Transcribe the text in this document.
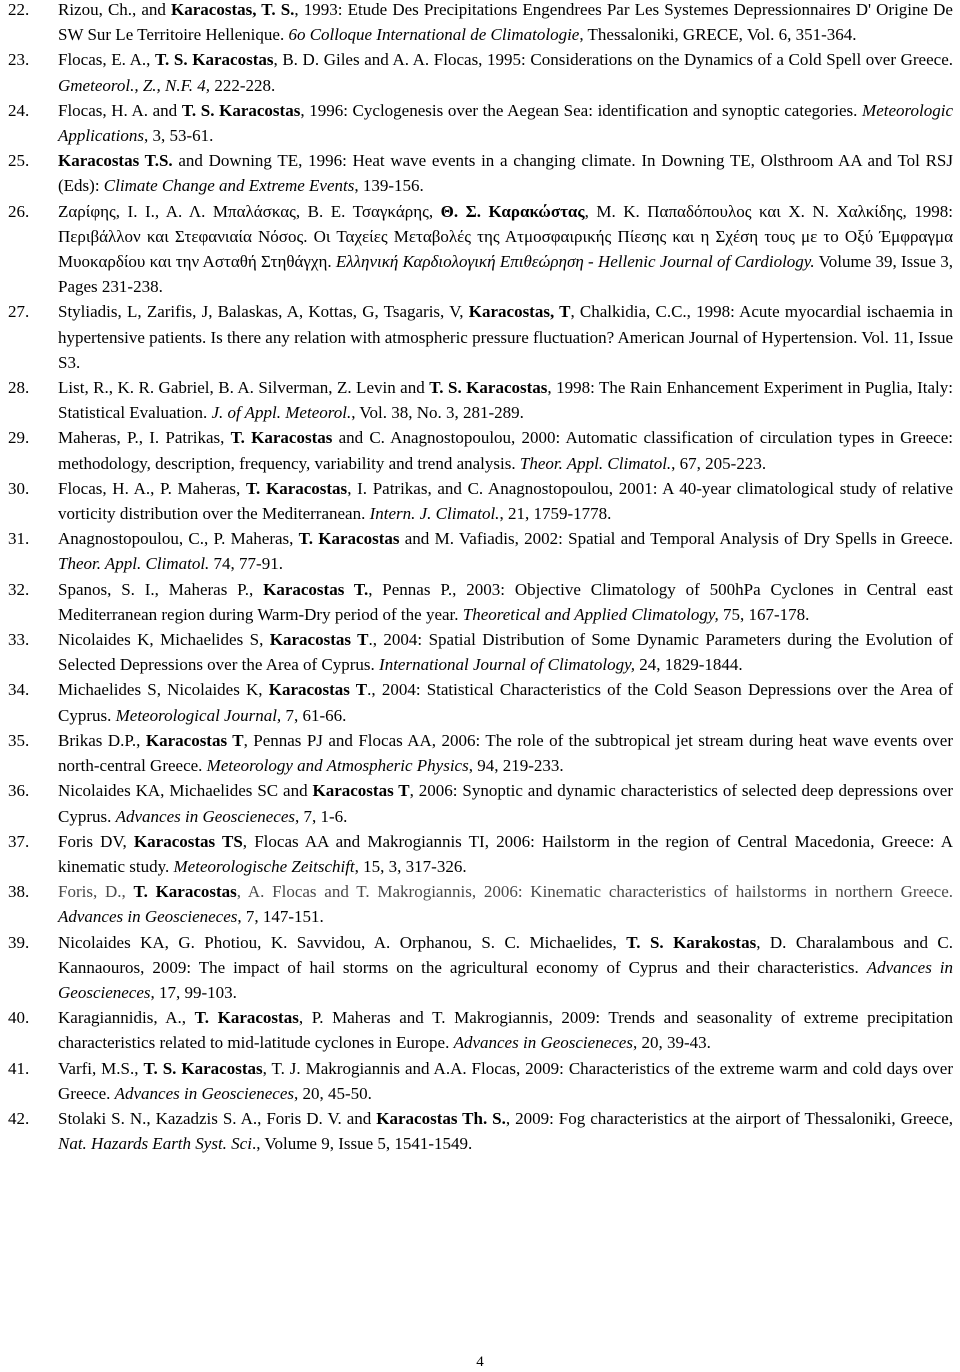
22.	Rizou, Ch., and Karacostas, T. S., 1993: Etude Des Precipitations Engendrees Par Les Systemes Depressionnaires D' Origine De SW Sur Le Territoire Hellenique. 6o Colloque International de Climatologie, Thessaloniki, GRECE, Vol. 6, 351-364.
23.	Flocas, E. A., T. S. Karacostas, B. D. Giles and A. A. Flocas, 1995: Considerations on the Dynamics of a Cold Spell over Greece. Gmeteorol., Z., N.F. 4, 222-228.
24.	Flocas, H. A. and T. S. Karacostas, 1996: Cyclogenesis over the Aegean Sea: identification and synoptic categories. Meteorologic Applications, 3, 53-61.
25.	Karacostas T.S. and Downing TE, 1996: Heat wave events in a changing climate. In Downing TE, Olsthroom AA and Tol RSJ (Eds): Climate Change and Extreme Events, 139-156.
26.	Ζαρίφης, Ι. Ι., Α. Λ. Μπαλάσκας, Β. Ε. Τσαγκάρης, Θ. Σ. Καρακώστας, Μ. Κ. Παπαδόπουλος και Χ. Ν. Χαλκίδης, 1998: Περιβάλλον και Στεφανιαία Νόσος. Οι Ταχείες Μεταβολές της Ατμοσφαιρικής Πίεσης και η Σχέση τους με το Οξύ Έμφραγμα Μυοκαρδίου και την Ασταθή Στηθάγχη. Ελληνική Καρδιολογική Επιθεώρηση - Hellenic Journal of Cardiology. Volume 39, Issue 3, Pages 231-238.
27.	Styliadis, L, Zarifis, J, Balaskas, A, Kottas, G, Tsagaris, V, Karacostas, T, Chalkidia, C.C., 1998: Acute myocardial ischaemia in hypertensive patients. Is there any relation with atmospheric pressure fluctuation? American Journal of Hypertension. Vol. 11, Issue S3.
28.	List, R., K. R. Gabriel, B. A. Silverman, Z. Levin and T. S. Karacostas, 1998: The Rain Enhancement Experiment in Puglia, Italy: Statistical Evaluation. J. of Appl. Meteorol., Vol. 38, No. 3, 281-289.
29.	Maheras, P., I. Patrikas, T. Karacostas and C. Anagnostopoulou, 2000: Automatic classification of circulation types in Greece: methodology, description, frequency, variability and trend analysis. Theor. Appl. Climatol., 67, 205-223.
30.	Flocas, H. A., P. Maheras, T. Karacostas, I. Patrikas, and C. Anagnostopoulou, 2001: A 40-year climatological study of relative vorticity distribution over the Mediterranean. Intern. J. Climatol., 21, 1759-1778.
31.	Anagnostopoulou, C., P. Maheras, T. Karacostas and M. Vafiadis, 2002: Spatial and Temporal Analysis of Dry Spells in Greece. Theor. Appl. Climatol. 74, 77-91.
32.	Spanos, S. I., Maheras P., Karacostas T., Pennas P., 2003: Objective Climatology of 500hPa Cyclones in Central east Mediterranean region during Warm-Dry period of the year. Theoretical and Applied Climatology, 75, 167-178.
33.	Nicolaides K, Michaelides S, Karacostas T., 2004: Spatial Distribution of Some Dynamic Parameters during the Evolution of Selected Depressions over the Area of Cyprus. International Journal of Climatology, 24, 1829-1844.
34.	Michaelides S, Nicolaides K, Karacostas T., 2004: Statistical Characteristics of the Cold Season Depressions over the Area of Cyprus. Meteorological Journal, 7, 61-66.
35.	Brikas D.P., Karacostas T, Pennas PJ and Flocas AA, 2006: The role of the subtropical jet stream during heat wave events over north-central Greece. Meteorology and Atmospheric Physics, 94, 219-233.
36.	Nicolaides KA, Michaelides SC and Karacostas T, 2006: Synoptic and dynamic characteristics of selected deep depressions over Cyprus. Advances in Geoscieneces, 7, 1-6.
37.	Foris DV, Karacostas TS, Flocas AA and Makrogiannis TI, 2006: Hailstorm in the region of Central Macedonia, Greece: A kinematic study. Meteorologische Zeitschift, 15, 3, 317-326.
38.	Foris, D., T. Karacostas, A. Flocas and T. Makrogiannis, 2006: Kinematic characteristics of hailstorms in northern Greece. Advances in Geoscieneces, 7, 147-151.
39.	Nicolaides KA, G. Photiou, K. Savvidou, A. Orphanou, S. C. Michaelides, T. S. Karakostas, D. Charalambous and C. Kannaouros, 2009: The impact of hail storms on the agricultural economy of Cyprus and their characteristics. Advances in Geoscieneces, 17, 99-103.
40.	Karagiannidis, A., T. Karacostas, P. Maheras and T. Makrogiannis, 2009: Trends and seasonality of extreme precipitation characteristics related to mid-latitude cyclones in Europe. Advances in Geoscieneces, 20, 39-43.
41.	Varfi, M.S., T. S. Karacostas, T. J. Makrogiannis and A.A. Flocas, 2009: Characteristics of the extreme warm and cold days over Greece. Advances in Geoscieneces, 20, 45-50.
42.	Stolaki S. N., Kazadzis S. A., Foris D. V. and Karacostas Th. S., 2009: Fog characteristics at the airport of Thessaloniki, Greece, Nat. Hazards Earth Syst. Sci., Volume 9, Issue 5, 1541-1549.
4
